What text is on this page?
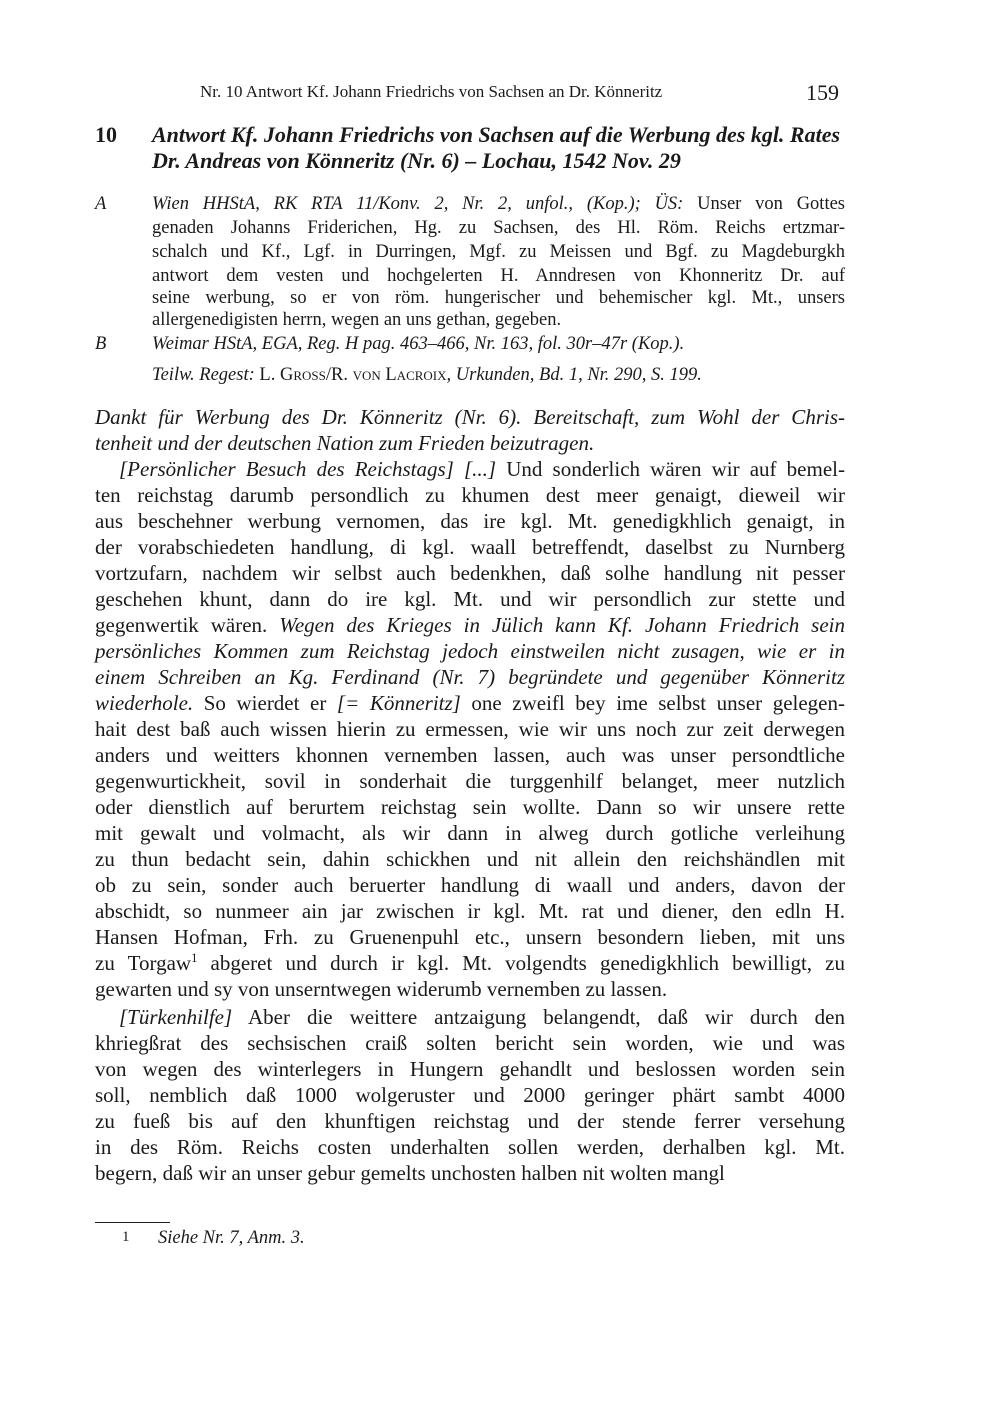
Nr. 10 Antwort Kf. Johann Friedrichs von Sachsen an Dr. Könneritz	159
10 Antwort Kf. Johann Friedrichs von Sachsen auf die Werbung des kgl. Rates
Dr. Andreas von Könneritz (Nr. 6) – Lochau, 1542 Nov. 29
A Wien HHStA, RK RTA 11/Konv. 2, Nr. 2, unfol., (Kop.); ÜS: Unser von Gottes
genaden Johanns Friderichen, Hg. zu Sachsen, des Hl. Röm. Reichs ertzmar-
schalch und Kf., Lgf. in Durringen, Mgf. zu Meissen und Bgf. zu Magdeburgkh
antwort dem vesten und hochgelerten H. Anndresen von Khonneritz Dr. auf
seine werbung, so er von röm. hungerischer und behemischer kgl. Mt., unsers
allergenedigisten herrn, wegen an uns gethan, gegeben.
B Weimar HStA, EGA, Reg. H pag. 463–466, Nr. 163, fol. 30r–47r (Kop.).
Teilw. Regest: L. Groß/R. von Lacroix, Urkunden, Bd. 1, Nr. 290, S. 199.
Dankt für Werbung des Dr. Könneritz (Nr. 6). Bereitschaft, zum Wohl der Chris-
tenheit und der deutschen Nation zum Frieden beizutragen.
[Persönlicher Besuch des Reichstags] [...] Und sonderlich wären wir auf bemel-
ten reichstag darumb persondlich zu khumen dest meer genaigt, dieweil wir
aus beschehner werbung vernomen, das ire kgl. Mt. genedigkhlich genaigt, in
der vorabschiedeten handlung, di kgl. waall betreffendt, daselbst zu Nurnberg
vortzufarn, nachdem wir selbst auch bedenkhen, daß solhe handlung nit pesser
geschehen khunt, dann do ire kgl. Mt. und wir persondlich zur stette und
gegenwertik wären. Wegen des Krieges in Jülich kann Kf. Johann Friedrich sein
persönliches Kommen zum Reichstag jedoch einstweilen nicht zusagen, wie er in
einem Schreiben an Kg. Ferdinand (Nr. 7) begründete und gegenüber Könneritz
wiederhole. So wierdet er [= Könneritz] one zweifl bey ime selbst unser gelegen-
hait dest baß auch wissen hierin zu ermessen, wie wir uns noch zur zeit derwegen
anders und weitters khonnen vernemben lassen, auch was unser persondtliche
gegenwurtickheit, sovil in sonderhait die turggenhilf belanget, meer nutzlich
oder dienstlich auf berurtem reichstag sein wollte. Dann so wir unsere rette
mit gewalt und volmacht, als wir dann in alweg durch gotliche verleihung
zu thun bedacht sein, dahin schickhen und nit allein den reichshändlen mit
ob zu sein, sonder auch beruerter handlung di waall und anders, davon der
abschidt, so nunmeer ain jar zwischen ir kgl. Mt. rat und diener, den edln H.
Hansen Hofman, Frh. zu Gruenenpuhl etc., unsern besondern lieben, mit uns
zu Torgaw$^1$ abgeret und durch ir kgl. Mt. volgendts genedigkhlich bewilligt, zu
gewarten und sy von unserntwegen widerumb vernemben zu lassen.
[Türkenhilfe] Aber die weittere antzaigung belangendt, daß wir durch den
khriegßrat des sechsischen craiß solten bericht sein worden, wie und was
von wegen des winterlegers in Hungern gehandlt und beslossen worden sein
soll, nemblich daß 1000 wolgeruster und 2000 geringer phärt sambt 4000
zu fueß bis auf den khunftigen reichstag und der stende ferrer versehung
in des Röm. Reichs costen underhalten sollen werden, derhalben kgl. Mt.
begern, daß wir an unser gebur gemelts unchosten halben nit wolten mangl
1 Siehe Nr. 7, Anm. 3.
